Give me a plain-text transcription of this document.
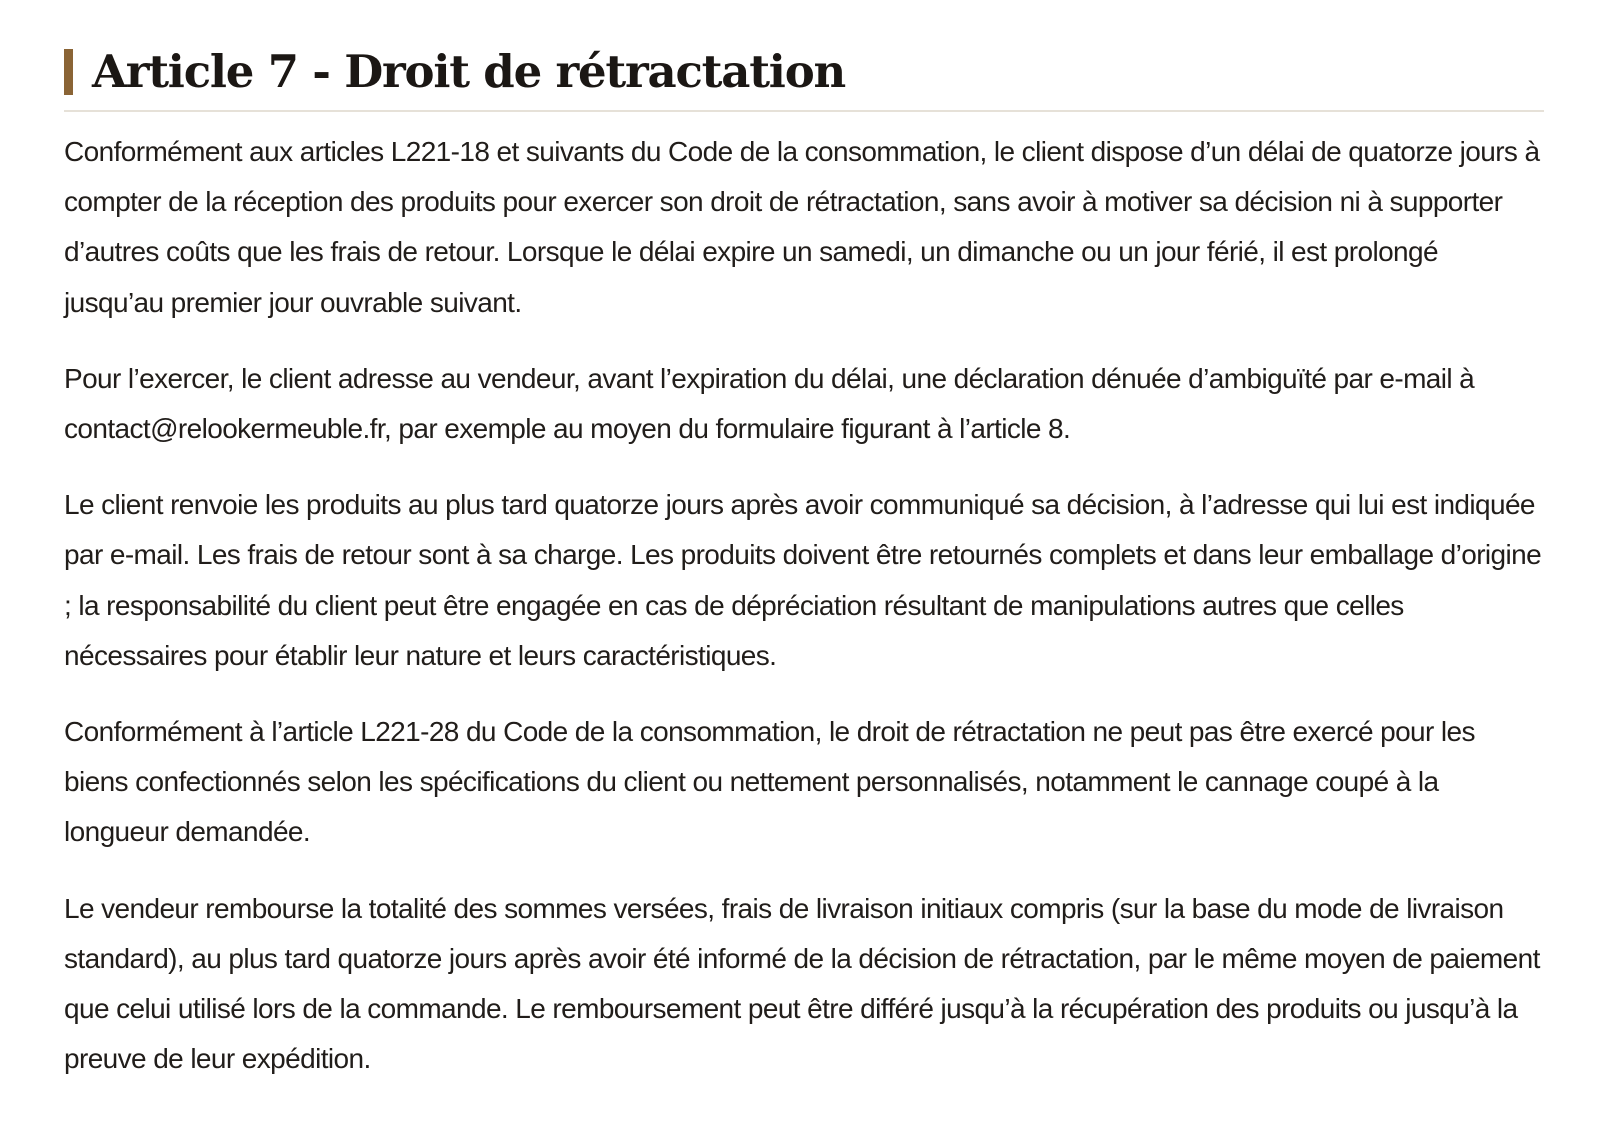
Article 7 - Droit de rétractation

Conformément aux articles L221-18 et suivants du Code de la consommation, le client dispose d’un délai de quatorze jours à compter de la réception des produits pour exercer son droit de rétractation, sans avoir à motiver sa décision ni à supporter d’autres coûts que les frais de retour. Lorsque le délai expire un samedi, un dimanche ou un jour férié, il est prolongé jusqu’au premier jour ouvrable suivant.

Pour l’exercer, le client adresse au vendeur, avant l’expiration du délai, une déclaration dénuée d’ambiguïté par e-mail à contact@relookermeuble.fr, par exemple au moyen du formulaire figurant à l’article 8.

Le client renvoie les produits au plus tard quatorze jours après avoir communiqué sa décision, à l’adresse qui lui est indiquée par e-mail. Les frais de retour sont à sa charge. Les produits doivent être retournés complets et dans leur emballage d’origine ; la responsabilité du client peut être engagée en cas de dépréciation résultant de manipulations autres que celles nécessaires pour établir leur nature et leurs caractéristiques.

Conformément à l’article L221-28 du Code de la consommation, le droit de rétractation ne peut pas être exercé pour les biens confectionnés selon les spécifications du client ou nettement personnalisés, notamment le cannage coupé à la longueur demandée.

Le vendeur rembourse la totalité des sommes versées, frais de livraison initiaux compris (sur la base du mode de livraison standard), au plus tard quatorze jours après avoir été informé de la décision de rétractation, par le même moyen de paiement que celui utilisé lors de la commande. Le remboursement peut être différé jusqu’à la récupération des produits ou jusqu’à la preuve de leur expédition.
